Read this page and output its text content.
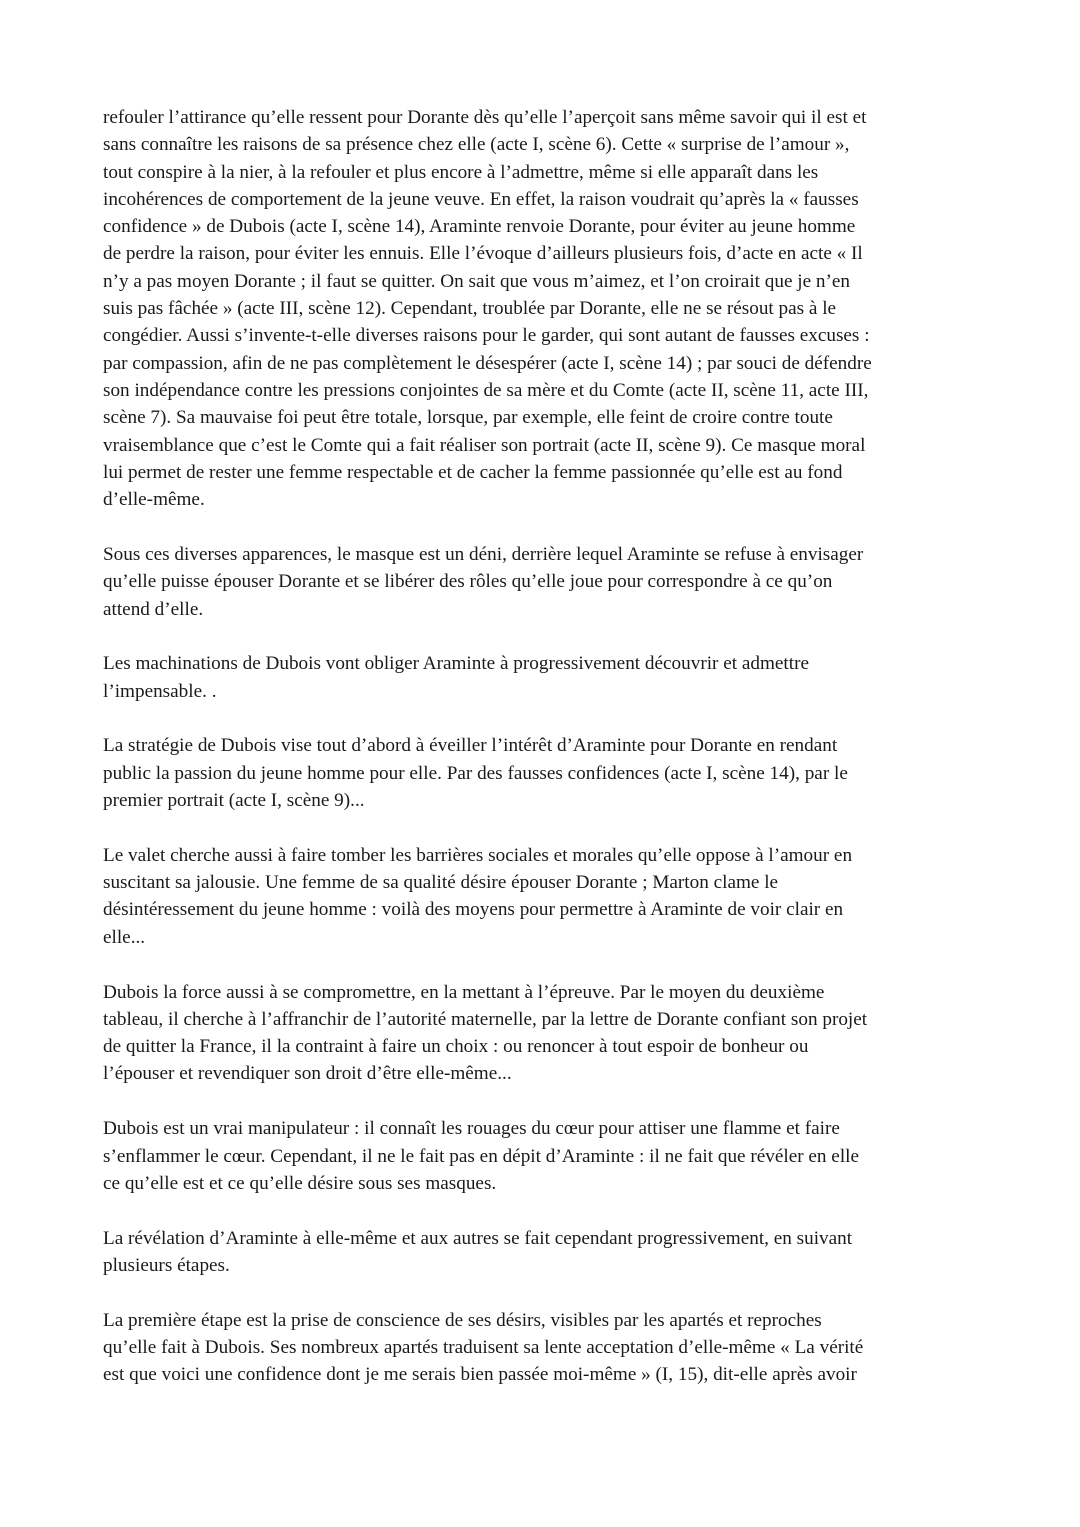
refouler l’attirance qu’elle ressent pour Dorante dès qu’elle l’aperçoit sans même savoir qui il est et
sans connaître les raisons de sa présence chez elle (acte I, scène 6). Cette « surprise de l’amour »,
tout conspire à la nier, à la refouler et plus encore à l’admettre, même si elle apparaît dans les
incohérences de comportement de la jeune veuve. En effet, la raison voudrait qu’après la « fausses
confidence » de Dubois (acte I, scène 14), Araminte renvoie Dorante, pour éviter au jeune homme
de perdre la raison, pour éviter les ennuis. Elle l’évoque d’ailleurs plusieurs fois, d’acte en acte « Il
n’y a pas moyen Dorante ; il faut se quitter. On sait que vous m’aimez, et l’on croirait que je n’en
suis pas fâchée » (acte III, scène 12). Cependant, troublée par Dorante, elle ne se résout pas à le
congédier. Aussi s’invente-t-elle diverses raisons pour le garder, qui sont autant de fausses excuses :
par compassion, afin de ne pas complètement le désespérer (acte I, scène 14) ; par souci de défendre
son indépendance contre les pressions conjointes de sa mère et du Comte (acte II, scène 11, acte III,
scène 7). Sa mauvaise foi peut être totale, lorsque, par exemple, elle feint de croire contre toute
vraisemblance que c’est le Comte qui a fait réaliser son portrait (acte II, scène 9). Ce masque moral
lui permet de rester une femme respectable et de cacher la femme passionnée qu’elle est au fond
d’elle-même.

Sous ces diverses apparences, le masque est un déni, derrière lequel Araminte se refuse à envisager
qu’elle puisse épouser Dorante et se libérer des rôles qu’elle joue pour correspondre à ce qu’on
attend d’elle.

Les machinations de Dubois vont obliger Araminte à progressivement découvrir et admettre
l’impensable. .

La stratégie de Dubois vise tout d’abord à éveiller l’intérêt d’Araminte pour Dorante en rendant
public la passion du jeune homme pour elle. Par des fausses confidences (acte I, scène 14), par le
premier portrait (acte I, scène 9)...

Le valet cherche aussi à faire tomber les barrières sociales et morales qu’elle oppose à l’amour en
suscitant sa jalousie. Une femme de sa qualité désire épouser Dorante ; Marton clame le
désintéressement du jeune homme : voilà des moyens pour permettre à Araminte de voir clair en
elle...

Dubois la force aussi à se compromettre, en la mettant à l’épreuve. Par le moyen du deuxième
tableau, il cherche à l’affranchir de l’autorité maternelle, par la lettre de Dorante confiant son projet
de quitter la France, il la contraint à faire un choix : ou renoncer à tout espoir de bonheur ou
l’épouser et revendiquer son droit d’être elle-même...

Dubois est un vrai manipulateur : il connaît les rouages du cœur pour attiser une flamme et faire
s’enflammer le cœur. Cependant, il ne le fait pas en dépit d’Araminte : il ne fait que révéler en elle
ce qu’elle est et ce qu’elle désire sous ses masques.

La révélation d’Araminte à elle-même et aux autres se fait cependant progressivement, en suivant
plusieurs étapes.

La première étape est la prise de conscience de ses désirs, visibles par les apartés et reproches
qu’elle fait à Dubois. Ses nombreux apartés traduisent sa lente acceptation d’elle-même « La vérité
est que voici une confidence dont je me serais bien passée moi-même » (I, 15), dit-elle après avoir
